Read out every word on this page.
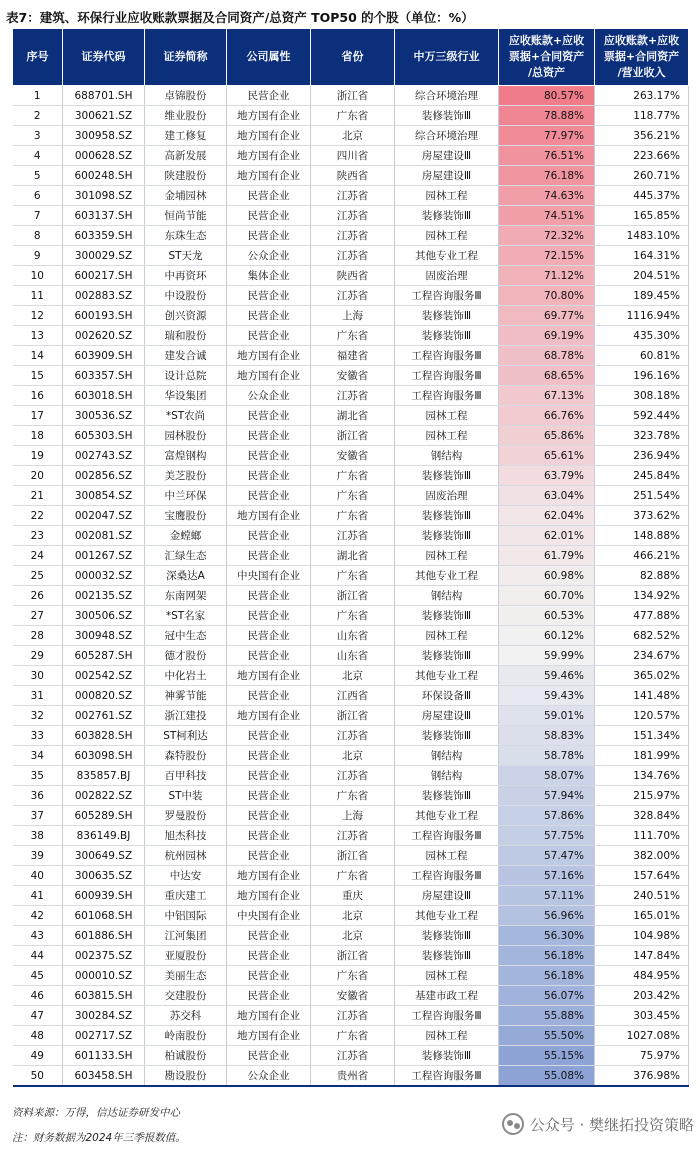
表7：建筑、环保行业应收账款票据及合同资产/总资产 TOP50 的个股（单位：%）
序号	证券代码	证券简称	公司属性	省份	中万三级行业	应收账款+应收
票据+合同资产
/总资产	应收账款+应收
票据+合同资产
/营业收入
1	688701.SH	卓锦股份	民营企业	浙江省	综合环境治理	80.57%	263.17%
2	300621.SZ	维业股份	地方国有企业	广东省	装修装饰Ⅲ	78.88%	118.77%
3	300958.SZ	建工修复	地方国有企业	北京	综合环境治理	77.97%	356.21%
4	000628.SZ	高新发展	地方国有企业	四川省	房屋建设Ⅲ	76.51%	223.66%
5	600248.SH	陕建股份	地方国有企业	陕西省	房屋建设Ⅲ	76.18%	260.71%
6	301098.SZ	金埔园林	民营企业	江苏省	园林工程	74.63%	445.37%
7	603137.SH	恒尚节能	民营企业	江苏省	装修装饰Ⅲ	74.51%	165.85%
8	603359.SH	东珠生态	民营企业	江苏省	园林工程	72.32%	1483.10%
9	300029.SZ	ST天龙	公众企业	江苏省	其他专业工程	72.15%	164.31%
10	600217.SH	中再资环	集体企业	陕西省	固废治理	71.12%	204.51%
11	002883.SZ	中设股份	民营企业	江苏省	工程咨询服务Ⅲ	70.80%	189.45%
12	600193.SH	创兴资源	民营企业	上海	装修装饰Ⅲ	69.77%	1116.94%
13	002620.SZ	瑞和股份	民营企业	广东省	装修装饰Ⅲ	69.19%	435.30%
14	603909.SH	建发合诚	地方国有企业	福建省	工程咨询服务Ⅲ	68.78%	60.81%
15	603357.SH	设计总院	地方国有企业	安徽省	工程咨询服务Ⅲ	68.65%	196.16%
16	603018.SH	华设集团	公众企业	江苏省	工程咨询服务Ⅲ	67.13%	308.18%
17	300536.SZ	*ST农尚	民营企业	湖北省	园林工程	66.76%	592.44%
18	605303.SH	园林股份	民营企业	浙江省	园林工程	65.86%	323.78%
19	002743.SZ	富煌钢构	民营企业	安徽省	钢结构	65.61%	236.94%
20	002856.SZ	美芝股份	民营企业	广东省	装修装饰Ⅲ	63.79%	245.84%
21	300854.SZ	中兰环保	民营企业	广东省	固废治理	63.04%	251.54%
22	002047.SZ	宝鹰股份	地方国有企业	广东省	装修装饰Ⅲ	62.04%	373.62%
23	002081.SZ	金螳螂	民营企业	江苏省	装修装饰Ⅲ	62.01%	148.88%
24	001267.SZ	汇绿生态	民营企业	湖北省	园林工程	61.79%	466.21%
25	000032.SZ	深桑达A	中央国有企业	广东省	其他专业工程	60.98%	82.88%
26	002135.SZ	东南网架	民营企业	浙江省	钢结构	60.70%	134.92%
27	300506.SZ	*ST名家	民营企业	广东省	装修装饰Ⅲ	60.53%	477.88%
28	300948.SZ	冠中生态	民营企业	山东省	园林工程	60.12%	682.52%
29	605287.SH	德才股份	民营企业	山东省	装修装饰Ⅲ	59.99%	234.67%
30	002542.SZ	中化岩土	地方国有企业	北京	其他专业工程	59.46%	365.02%
31	000820.SZ	神雾节能	民营企业	江西省	环保设备Ⅲ	59.43%	141.48%
32	002761.SZ	浙江建投	地方国有企业	浙江省	房屋建设Ⅲ	59.01%	120.57%
33	603828.SH	ST柯利达	民营企业	江苏省	装修装饰Ⅲ	58.83%	151.34%
34	603098.SH	森特股份	民营企业	北京	钢结构	58.78%	181.99%
35	835857.BJ	百甲科技	民营企业	江苏省	钢结构	58.07%	134.76%
36	002822.SZ	ST中装	民营企业	广东省	装修装饰Ⅲ	57.94%	215.97%
37	605289.SH	罗曼股份	民营企业	上海	其他专业工程	57.86%	328.84%
38	836149.BJ	旭杰科技	民营企业	江苏省	工程咨询服务Ⅲ	57.75%	111.70%
39	300649.SZ	杭州园林	民营企业	浙江省	园林工程	57.47%	382.00%
40	300635.SZ	中达安	地方国有企业	广东省	工程咨询服务Ⅲ	57.16%	157.64%
41	600939.SH	重庆建工	地方国有企业	重庆	房屋建设Ⅲ	57.11%	240.51%
42	601068.SH	中铝国际	中央国有企业	北京	其他专业工程	56.96%	165.01%
43	601886.SH	江河集团	民营企业	北京	装修装饰Ⅲ	56.30%	104.98%
44	002375.SZ	亚厦股份	民营企业	浙江省	装修装饰Ⅲ	56.18%	147.84%
45	000010.SZ	美丽生态	民营企业	广东省	园林工程	56.18%	484.95%
46	603815.SH	交建股份	民营企业	安徽省	基建市政工程	56.07%	203.42%
47	300284.SZ	苏交科	地方国有企业	江苏省	工程咨询服务Ⅲ	55.88%	303.45%
48	002717.SZ	岭南股份	地方国有企业	广东省	园林工程	55.50%	1027.08%
49	601133.SH	柏诚股份	民营企业	江苏省	装修装饰Ⅲ	55.15%	75.97%
50	603458.SH	勘设股份	公众企业	贵州省	工程咨询服务Ⅲ	55.08%	376.98%
资料来源：万得，信达证券研发中心
注：财务数据为2024年三季报数值。
公众号 · 樊继拓投资策略
